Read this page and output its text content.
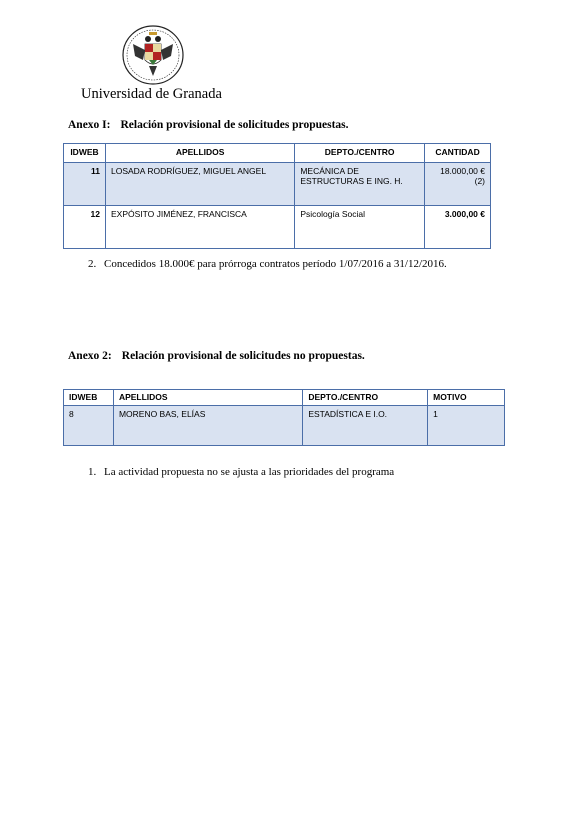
Universidad de Granada
Anexo I: Relación provisional de solicitudes propuestas.
IDWEB	APELLIDOS	DEPTO./CENTRO	CANTIDAD
11	LOSADA RODRÍGUEZ, MIGUEL ANGEL	MECÁNICA DE ESTRUCTURAS E ING. H.	18.000,00 €
(2)

12	EXPÓSITO JIMÉNEZ, FRANCISCA	Psicología Social	3.000,00 €
2. Concedidos 18.000€ para prórroga contratos período 1/07/2016 a 31/12/2016.
Anexo 2: Relación provisional de solicitudes no propuestas.
IDWEB	APELLIDOS	DEPTO./CENTRO	MOTIVO
8	MORENO BAS, ELÍAS	ESTADÍSTICA E I.O.	1
1. La actividad propuesta no se ajusta a las prioridades del programa
